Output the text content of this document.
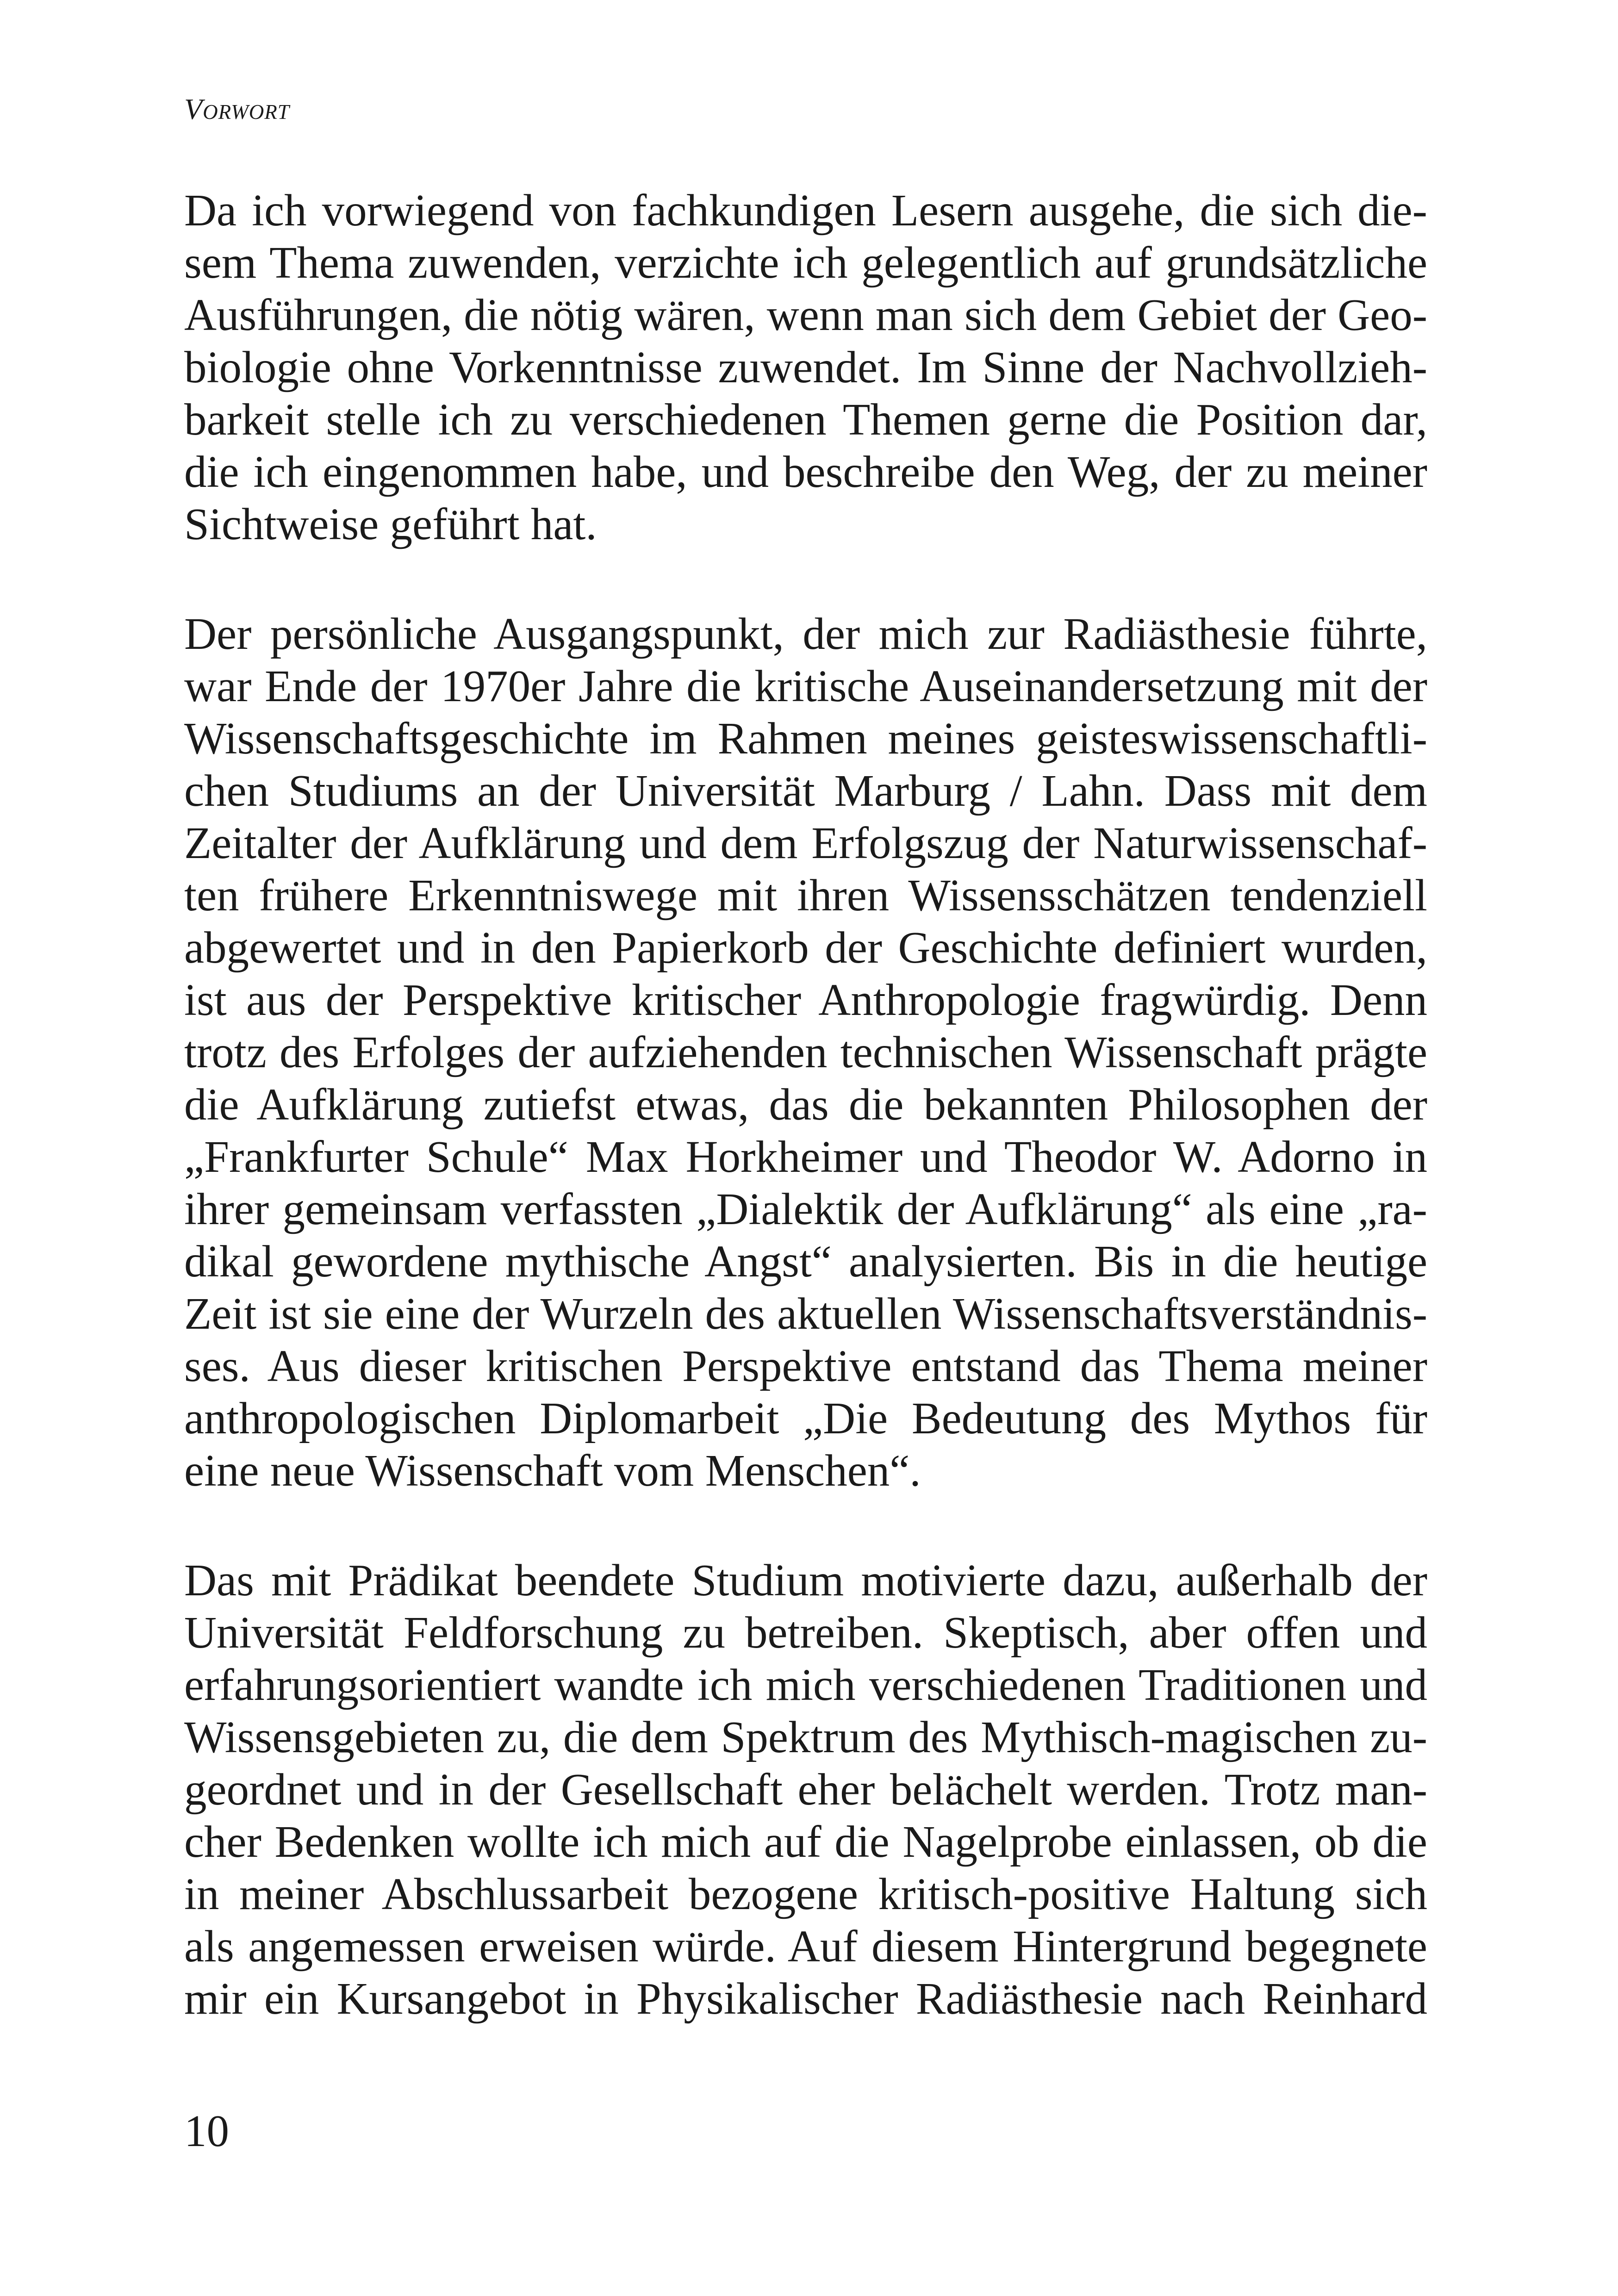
Vorwort
Da ich vorwiegend von fachkundigen Lesern ausgehe, die sich die-
sem Thema zuwenden, verzichte ich gelegentlich auf grundsätzliche
Ausführungen, die nötig wären, wenn man sich dem Gebiet der Geo-
biologie ohne Vorkenntnisse zuwendet. Im Sinne der Nachvollzieh-
barkeit stelle ich zu verschiedenen Themen gerne die Position dar,
die ich eingenommen habe, und beschreibe den Weg, der zu meiner
Sichtweise geführt hat.
Der persönliche Ausgangspunkt, der mich zur Radiästhesie führte,
war Ende der 1970er Jahre die kritische Auseinandersetzung mit der
Wissenschaftsgeschichte im Rahmen meines geisteswissenschaftli-
chen Studiums an der Universität Marburg / Lahn. Dass mit dem
Zeitalter der Aufklärung und dem Erfolgszug der Naturwissenschaf-
ten frühere Erkenntniswege mit ihren Wissensschätzen tendenziell
abgewertet und in den Papierkorb der Geschichte definiert wurden,
ist aus der Perspektive kritischer Anthropologie fragwürdig. Denn
trotz des Erfolges der aufziehenden technischen Wissenschaft prägte
die Aufklärung zutiefst etwas, das die bekannten Philosophen der
„Frankfurter Schule“ Max Horkheimer und Theodor W. Adorno in
ihrer gemeinsam verfassten „Dialektik der Aufklärung“ als eine „ra-
dikal gewordene mythische Angst“ analysierten. Bis in die heutige
Zeit ist sie eine der Wurzeln des aktuellen Wissenschaftsverständnis-
ses. Aus dieser kritischen Perspektive entstand das Thema meiner
anthropologischen Diplomarbeit „Die Bedeutung des Mythos für
eine neue Wissenschaft vom Menschen“.
Das mit Prädikat beendete Studium motivierte dazu, außerhalb der
Universität Feldforschung zu betreiben. Skeptisch, aber offen und
erfahrungsorientiert wandte ich mich verschiedenen Traditionen und
Wissensgebieten zu, die dem Spektrum des Mythisch-magischen zu-
geordnet und in der Gesellschaft eher belächelt werden. Trotz man-
cher Bedenken wollte ich mich auf die Nagelprobe einlassen, ob die
in meiner Abschlussarbeit bezogene kritisch-positive Haltung sich
als angemessen erweisen würde. Auf diesem Hintergrund begegnete
mir ein Kursangebot in Physikalischer Radiästhesie nach Reinhard
10
